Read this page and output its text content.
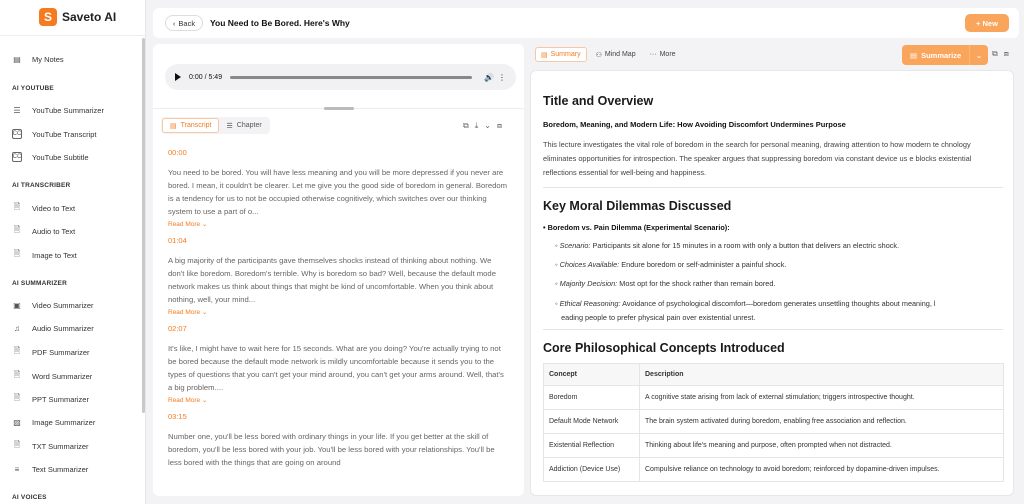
S Saveto AI
▤ My Notes
AI YOUTUBE
☰ YouTube Summarizer
CC YouTube Transcript
CC YouTube Subtitle
AI TRANSCRIBER
🗎 Video to Text
🗎 Audio to Text
🗎 Image to Text
AI SUMMARIZER
▣ Video Summarizer
♫ Audio Summarizer
🗎 PDF Summarizer
🗎 Word Summarizer
🗎 PPT Summarizer
▨ Image Summarizer
🗎 TXT Summarizer
≡	Text Summarizer
AI VOICES
‹ Back You Need to Be Bored. Here's Why	+ New
0:00 / 5:49	🔊 ⋮
▤ Transcript ☰ Chapter	⧉ ⤓ ⌄ ⧈
00:00
You need to be bored. You will have less meaning and you will be more depressed if you never are bored. I mean, it couldn't be clearer. Let me give you the good side of boredom in general. Boredom is a tendency for us to not be occupied otherwise cognitively, which switches over our thinking system to use a part of o...
Read More ⌄
01:04
A big majority of the participants gave themselves shocks instead of thinking about nothing. We don't like boredom. Boredom's terrible. Why is boredom so bad? Well, because the default mode network makes us think about things that might be kind of uncomfortable. When you think about nothing, well, your mind...
Read More ⌄
02:07
It's like, I might have to wait here for 15 seconds. What are you doing? You're actually trying to not be bored because the default mode network is mildly uncomfortable because it sends you to the types of questions that you can't get your mind around, you can't get your arms around. Well, that's a big problem....
Read More ⌄
03:15
Number one, you'll be less bored with ordinary things in your life. If you get better at the skill of boredom, you'll be less bored with your job. You'll be less bored with your relationships. You'll be less bored with the things that are going on around
▤ Summary ⚇ Mind Map ··· More	▤ Summarize	⌄	⧉ ⧈
Title and Overview
Boredom, Meaning, and Modern Life: How Avoiding Discomfort Undermines Purpose
This lecture investigates the vital role of boredom in the search for personal meaning, drawing attention to how modern te chnology eliminates opportunities for introspection. The speaker argues that suppressing boredom via constant device us e blocks existential reflections essential for well-being and happiness.
Key Moral Dilemmas Discussed
• Boredom vs. Pain Dilemma (Experimental Scenario):
◦ Scenario: Participants sit alone for 15 minutes in a room with only a button that delivers an electric shock.
◦ Choices Available: Endure boredom or self-administer a painful shock.
◦ Majority Decision: Most opt for the shock rather than remain bored.
◦ Ethical Reasoning: Avoidance of psychological discomfort—boredom generates unsettling thoughts about meaning, l
eading people to prefer physical pain over existential unrest.
Core Philosophical Concepts Introduced
Concept	Description
Boredom	A cognitive state arising from lack of external stimulation; triggers introspective thought.
Default Mode Network	The brain system activated during boredom, enabling free association and reflection.
Existential Reflection	Thinking about life's meaning and purpose, often prompted when not distracted.
Addiction (Device Use)	Compulsive reliance on technology to avoid boredom; reinforced by dopamine-driven impulses.
